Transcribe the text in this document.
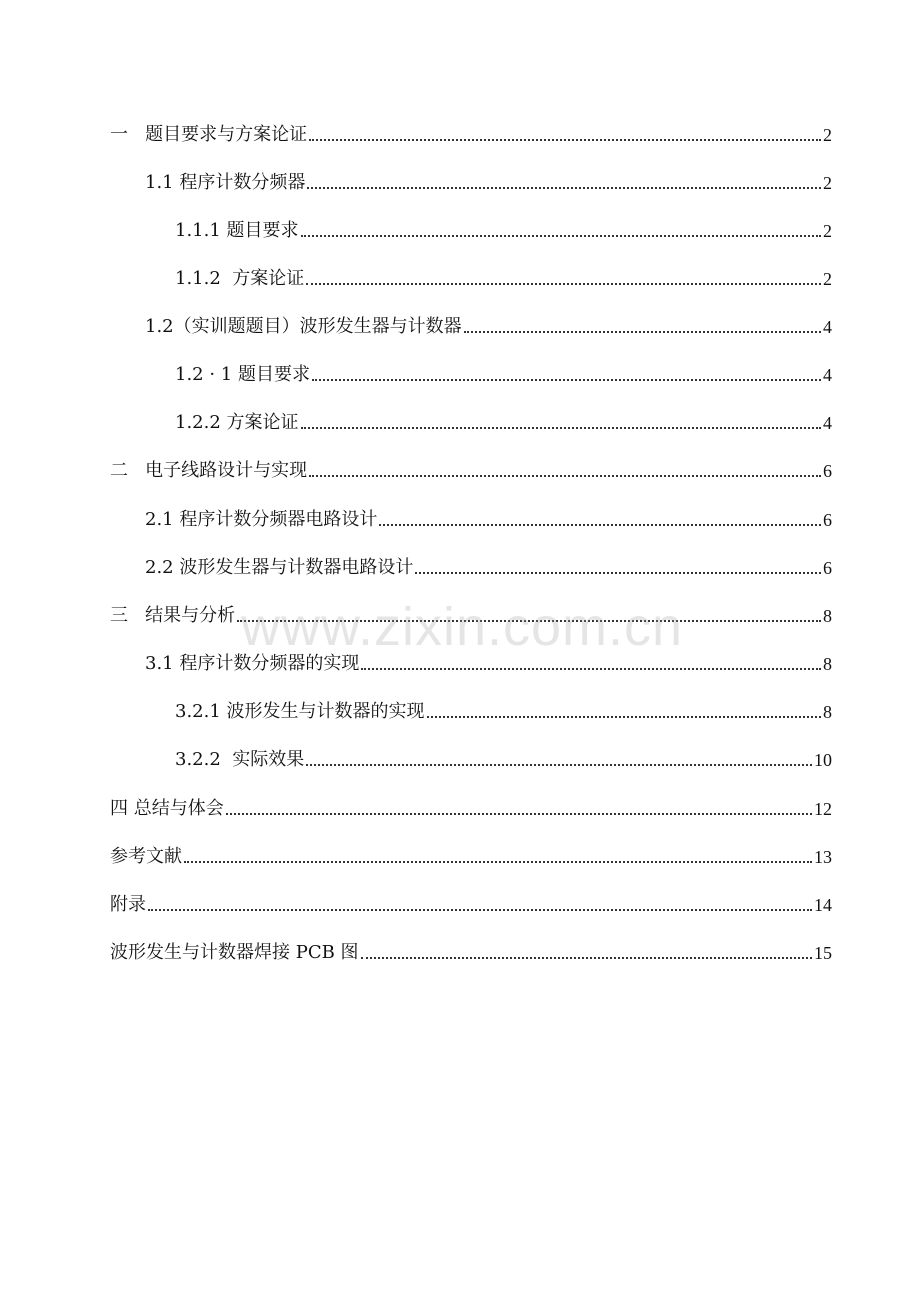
一   题目要求与方案论证	2
1.1 程序计数分频器	2
1.1.1 题目要求	2
1.1.2  方案论证	2
1.2（实训题题目）波形发生器与计数器	4
1.2 · 1 题目要求	4
1.2.2 方案论证	4
二   电子线路设计与实现	6
2.1 程序计数分频器电路设计	6
2.2 波形发生器与计数器电路设计	6
三   结果与分析	8
3.1 程序计数分频器的实现	8
3.2.1 波形发生与计数器的实现	8
3.2.2  实际效果	10
四 总结与体会	12
参考文献	13
附录	14
波形发生与计数器焊接 PCB 图	15
www.zixin.com.cn
